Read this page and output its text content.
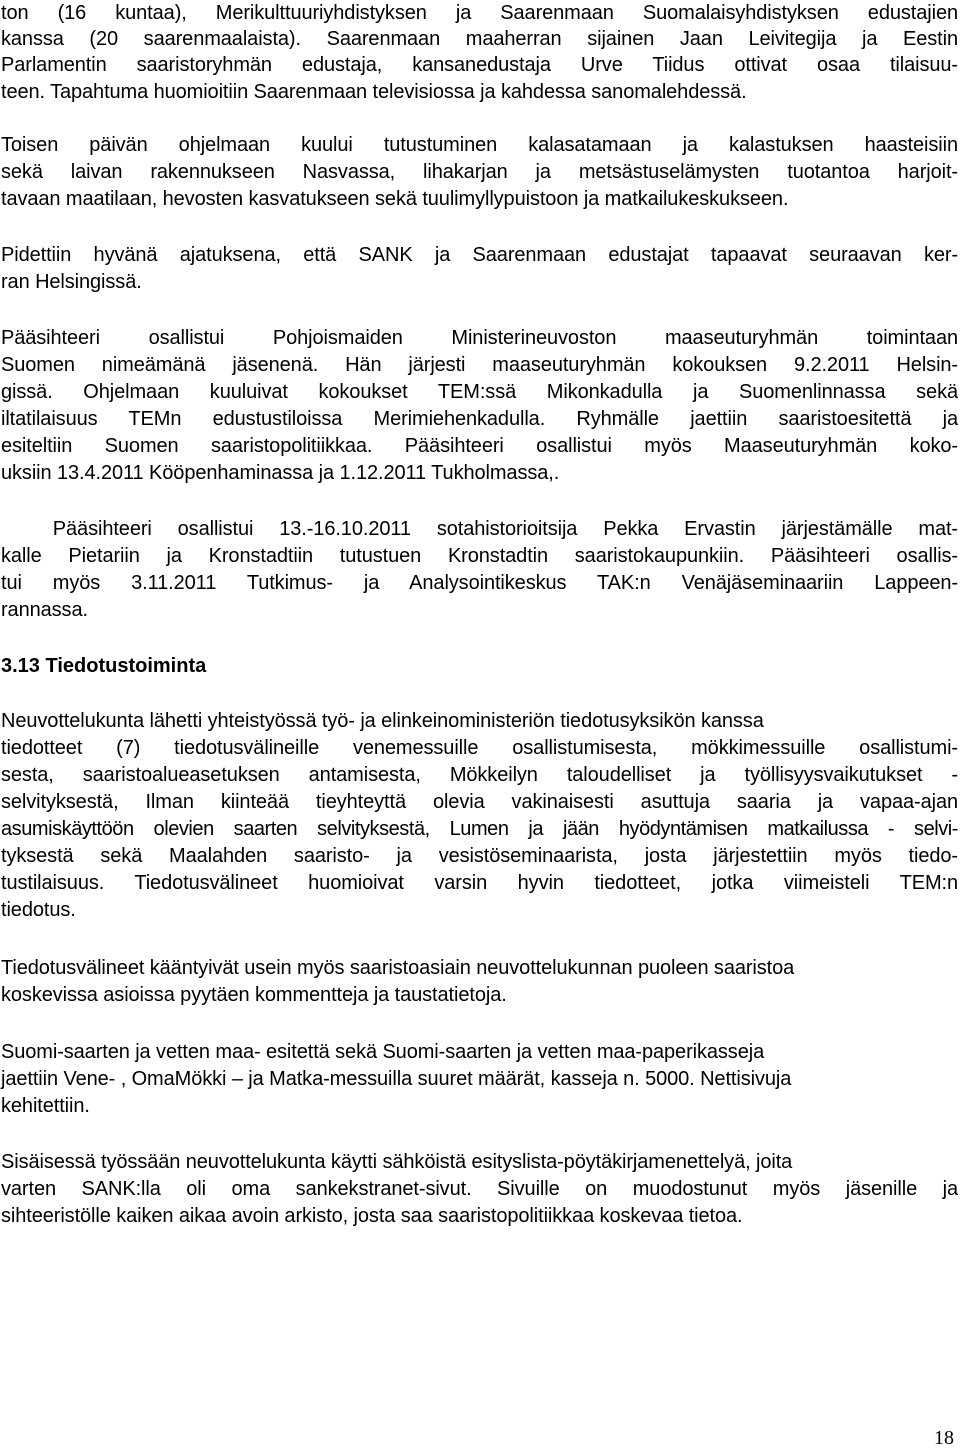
ton (16 kuntaa), Merikulttuuriyhdistyksen ja Saarenmaan Suomalaisyhdistyksen edustajien
kanssa (20 saarenmaalaista). Saarenmaan maaherran sijainen Jaan Leivitegija ja Eestin
Parlamentin saaristoryhmän edustaja, kansanedustaja Urve Tiidus ottivat osaa tilaisuu-
teen. Tapahtuma huomioitiin Saarenmaan televisiossa ja kahdessa sanomalehdessä.
Toisen päivän ohjelmaan kuului tutustuminen kalasatamaan ja kalastuksen haasteisiin
sekä laivan rakennukseen Nasvassa, lihakarjan ja metsästuselämysten tuotantoa harjoit-
tavaan maatilaan, hevosten kasvatukseen sekä tuulimyllypuistoon ja matkailukeskukseen.
Pidettiin hyvänä ajatuksena, että SANK ja Saarenmaan edustajat tapaavat seuraavan ker-
ran Helsingissä.
Pääsihteeri osallistui Pohjoismaiden Ministerineuvoston maaseuturyhmän toimintaan
Suomen nimeämänä jäsenenä. Hän järjesti maaseuturyhmän kokouksen 9.2.2011 Helsin-
gissä. Ohjelmaan kuuluivat kokoukset TEM:ssä Mikonkadulla ja Suomenlinnassa sekä
iltatilaisuus TEMn edustustiloissa Merimiehenkadulla. Ryhmälle jaettiin saaristoesitettä ja
esiteltiin Suomen saaristopolitiikkaa. Pääsihteeri osallistui myös Maaseuturyhmän koko-
uksiin 13.4.2011 Kööpenhaminassa ja 1.12.2011 Tukholmassa,.
Pääsihteeri osallistui 13.-16.10.2011 sotahistorioitsija Pekka Ervastin järjestämälle mat-
kalle Pietariin ja Kronstadtiin tutustuen Kronstadtin saaristokaupunkiin. Pääsihteeri osallis-
tui myös 3.11.2011 Tutkimus- ja Analysointikeskus TAK:n Venäjäseminaariin Lappeen-
rannassa.
3.13 Tiedotustoiminta
Neuvottelukunta lähetti yhteistyössä työ- ja elinkeinoministeriön tiedotusyksikön kanssa
tiedotteet (7) tiedotusvälineille venemessuille osallistumisesta, mökkimessuille osallistumi-
sesta, saaristoalueasetuksen antamisesta, Mökkeilyn taloudelliset ja työllisyysvaikutukset -
selvityksestä, Ilman kiinteää tieyhteyttä olevia vakinaisesti asuttuja saaria ja vapaa-ajan
asumiskäyttöön olevien saarten selvityksestä, Lumen ja jään hyödyntämisen matkailussa - selvi-
tyksestä sekä Maalahden saaristo- ja vesistöseminaarista, josta järjestettiin myös tiedo-
tustilaisuus. Tiedotusvälineet huomioivat varsin hyvin tiedotteet, jotka viimeisteli TEM:n
tiedotus.
Tiedotusvälineet kääntyivät usein myös saaristoasiain neuvottelukunnan puoleen saaristoa
koskevissa asioissa pyytäen kommentteja ja taustatietoja.
Suomi-saarten ja vetten maa- esitettä sekä Suomi-saarten ja vetten maa-paperikasseja
jaettiin Vene- , OmaMökki – ja Matka-messuilla suuret määrät, kasseja n. 5000. Nettisivuja
kehitettiin.
Sisäisessä työssään neuvottelukunta käytti sähköistä esityslista-pöytäkirjamenettelyä, joita
varten SANK:lla oli oma sankekstranet-sivut. Sivuille on muodostunut myös jäsenille ja
sihteeristölle kaiken aikaa avoin arkisto, josta saa saaristopolitiikkaa koskevaa tietoa.
18
